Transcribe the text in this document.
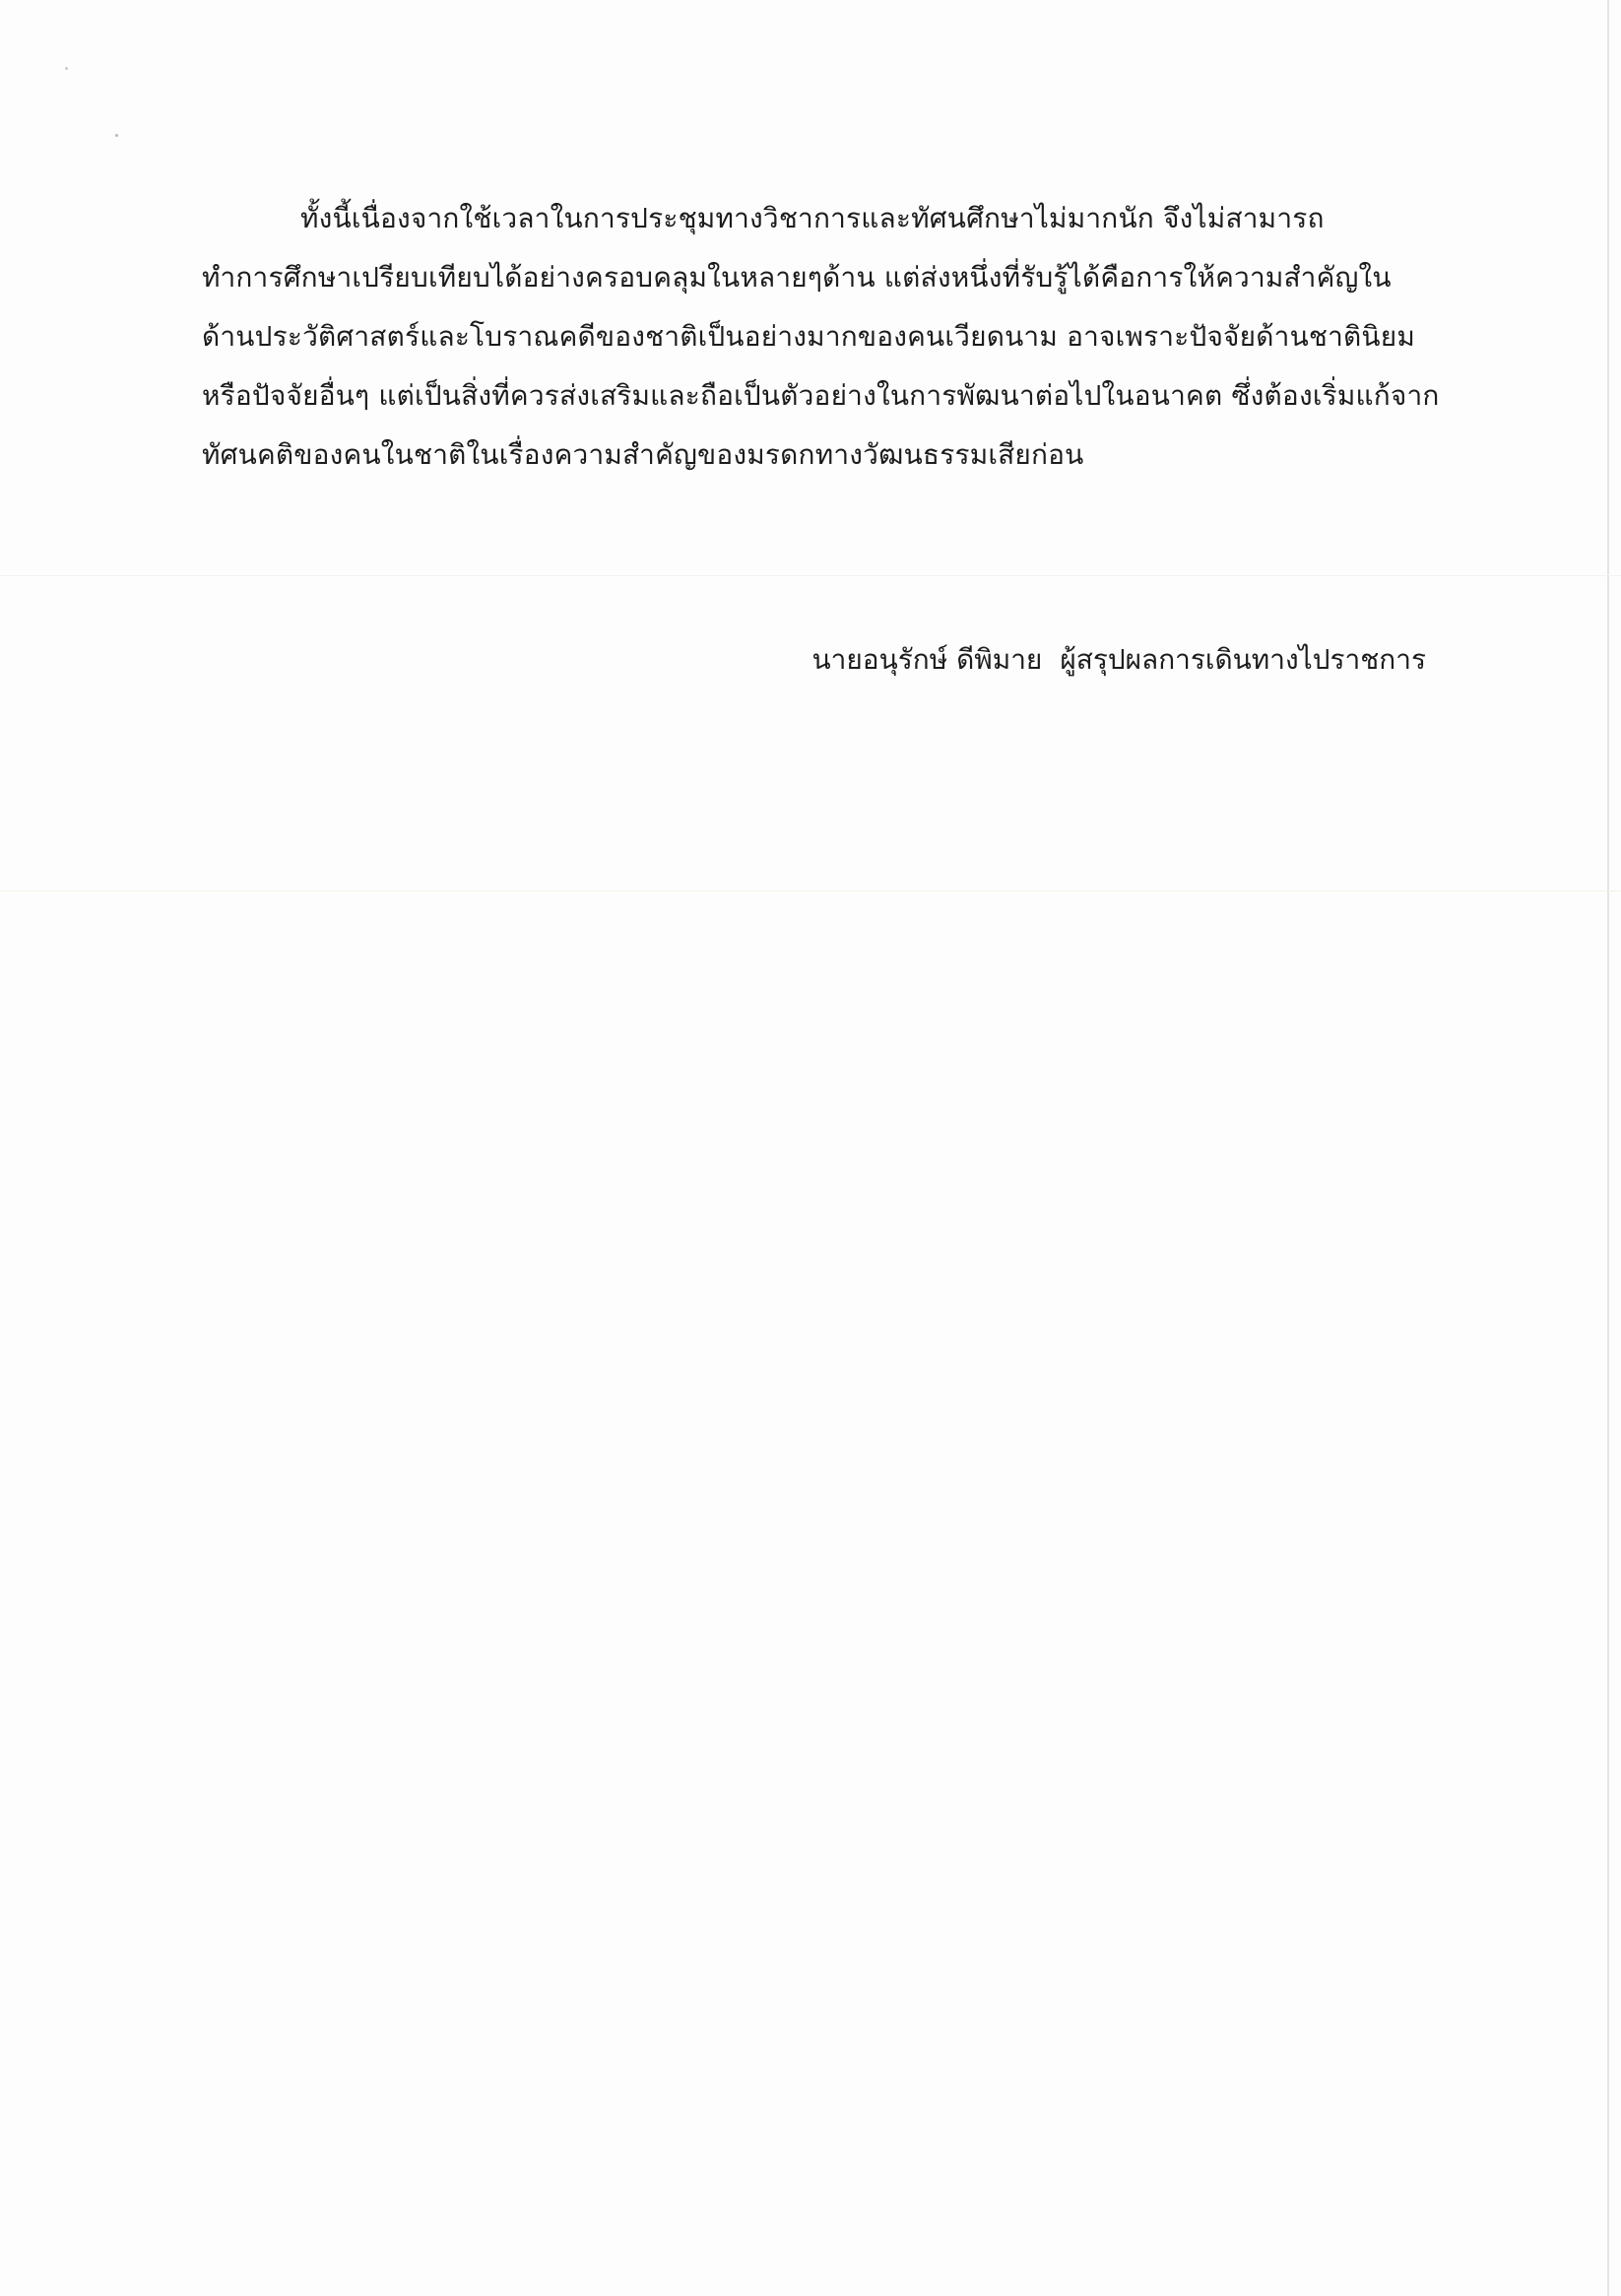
ทั้งนี้เนื่องจากใช้เวลาในการประชุมทางวิชาการและทัศนศึกษาไม่มากนัก จึงไม่สามารถ
ทำการศึกษาเปรียบเทียบได้อย่างครอบคลุมในหลายๆด้าน แต่ส่งหนึ่งที่รับรู้ได้คือการให้ความสำคัญใน
ด้านประวัติศาสตร์และโบราณคดีของชาติเป็นอย่างมากของคนเวียดนาม อาจเพราะปัจจัยด้านชาตินิยม
หรือปัจจัยอื่นๆ แต่เป็นสิ่งที่ควรส่งเสริมและถือเป็นตัวอย่างในการพัฒนาต่อไปในอนาคต ซึ่งต้องเริ่มแก้จาก
ทัศนคติของคนในชาติในเรื่องความสำคัญของมรดกทางวัฒนธรรมเสียก่อน
นายอนุรักษ์ ดีพิมาย ผู้สรุปผลการเดินทางไปราชการ
